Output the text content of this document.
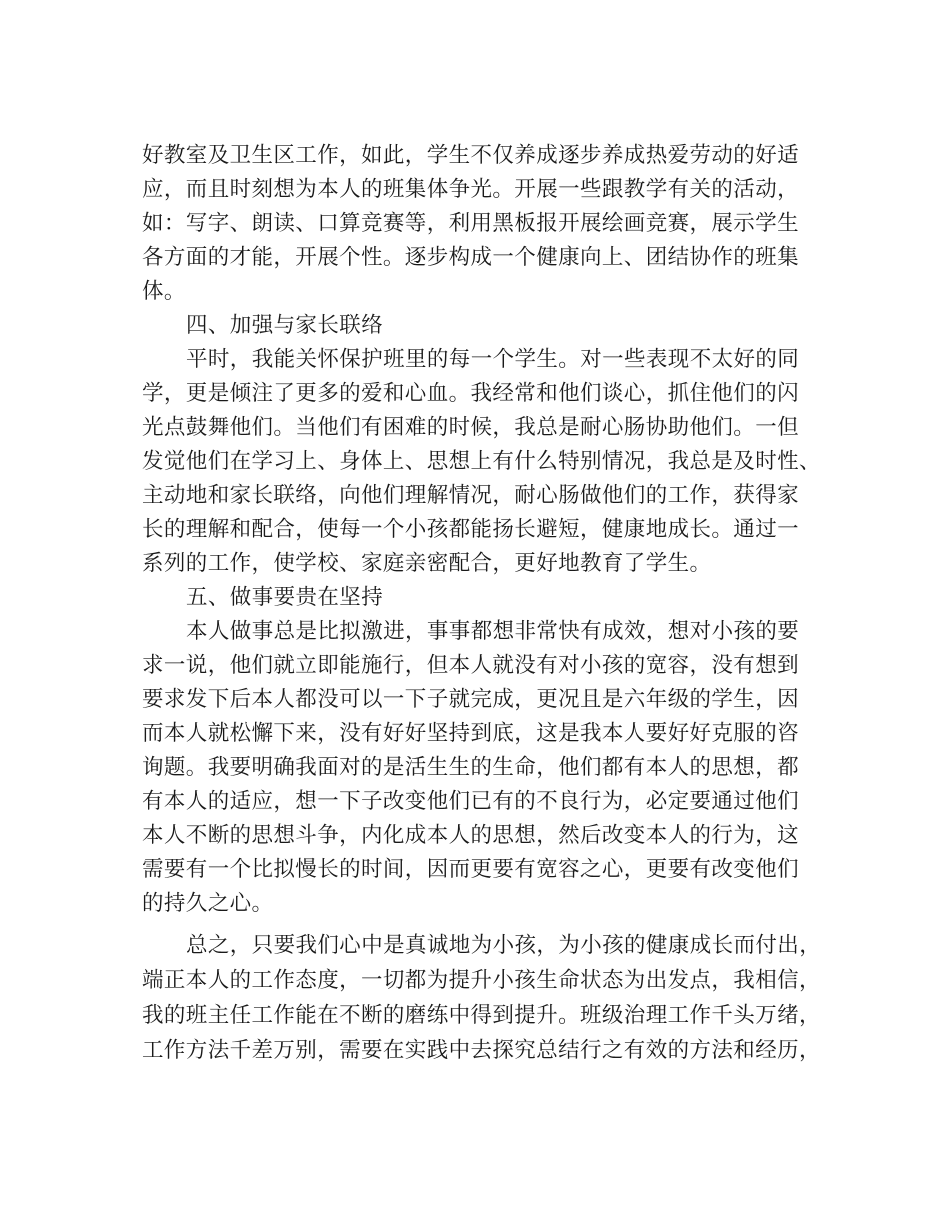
好教室及卫生区工作，如此，学生不仅养成逐步养成热爱劳动的好适
应，而且时刻想为本人的班集体争光。开展一些跟教学有关的活动，
如：写字、朗读、口算竞赛等，利用黑板报开展绘画竞赛，展示学生
各方面的才能，开展个性。逐步构成一个健康向上、团结协作的班集
体。
四、加强与家长联络
平时，我能关怀保护班里的每一个学生。对一些表现不太好的同
学，更是倾注了更多的爱和心血。我经常和他们谈心，抓住他们的闪
光点鼓舞他们。当他们有困难的时候，我总是耐心肠协助他们。一但
发觉他们在学习上、身体上、思想上有什么特别情况，我总是及时性、
主动地和家长联络，向他们理解情况，耐心肠做他们的工作，获得家
长的理解和配合，使每一个小孩都能扬长避短，健康地成长。通过一
系列的工作，使学校、家庭亲密配合，更好地教育了学生。
五、做事要贵在坚持
本人做事总是比拟激进，事事都想非常快有成效，想对小孩的要
求一说，他们就立即能施行，但本人就没有对小孩的宽容，没有想到
要求发下后本人都没可以一下子就完成，更况且是六年级的学生，因
而本人就松懈下来，没有好好坚持到底，这是我本人要好好克服的咨
询题。我要明确我面对的是活生生的生命，他们都有本人的思想，都
有本人的适应，想一下子改变他们已有的不良行为，必定要通过他们
本人不断的思想斗争，内化成本人的思想，然后改变本人的行为，这
需要有一个比拟慢长的时间，因而更要有宽容之心，更要有改变他们
的持久之心。
总之，只要我们心中是真诚地为小孩，为小孩的健康成长而付出，
端正本人的工作态度，一切都为提升小孩生命状态为出发点，我相信，
我的班主任工作能在不断的磨练中得到提升。班级治理工作千头万绪，
工作方法千差万别，需要在实践中去探究总结行之有效的方法和经历，
